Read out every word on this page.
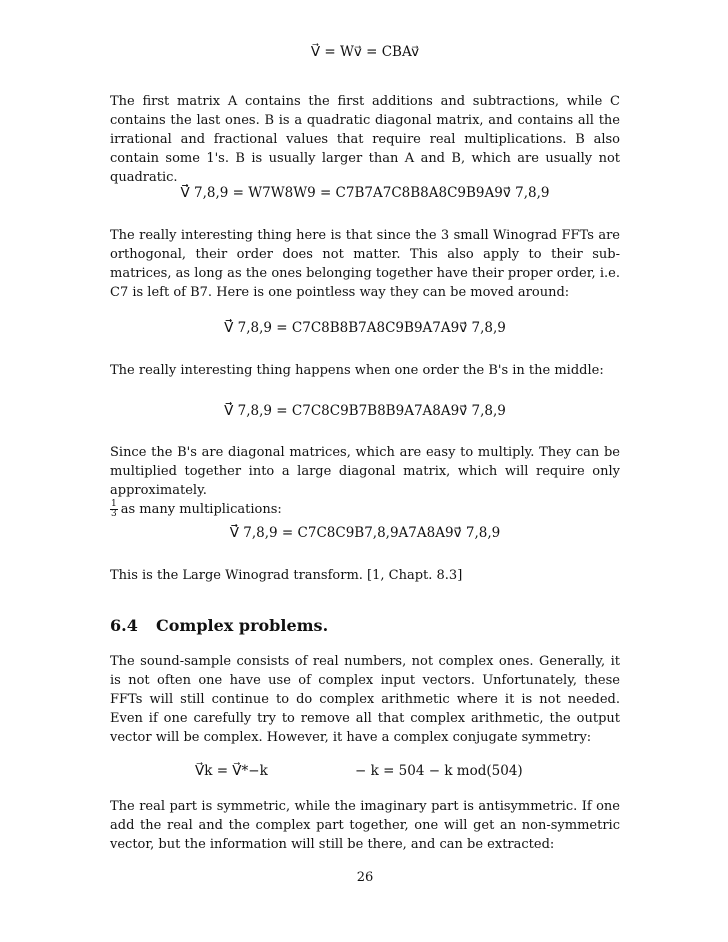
V⃗ = Wv⃗ = CBAv⃗
The first matrix A contains the first additions and subtractions, while C contains the last ones. B is a quadratic diagonal matrix, and contains all the irrational and fractional values that require real multiplications. B also contain some 1's. B is usually larger than A and B, which are usually not quadratic.
V⃗⃗⃗ 7,8,9 = W7W8W9 = C7B7A7C8B8A8C9B9A9v⃗⃗⃗ 7,8,9
The really interesting thing here is that since the 3 small Winograd FFTs are orthogonal, their order does not matter. This also apply to their sub-matrices, as long as the ones belonging together have their proper order, i.e. C7 is left of B7. Here is one pointless way they can be moved around:
V⃗⃗⃗ 7,8,9 = C7C8B8B7A8C9B9A7A9v⃗⃗⃗ 7,8,9
The really interesting thing happens when one order the B's in the middle:
V⃗⃗⃗ 7,8,9 = C7C8C9B7B8B9A7A8A9v⃗⃗⃗ 7,8,9
Since the B's are diagonal matrices, which are easy to multiply. They can be multiplied together into a large diagonal matrix, which will require only approximately.

$\frac{1}{3}$ as many multiplications:
V⃗⃗⃗ 7,8,9 = C7C8C9B7,8,9A7A8A9v⃗⃗⃗ 7,8,9
This is the Large Winograd transform. [1, Chapt. 8.3]
6.4 Complex problems.
The sound-sample consists of real numbers, not complex ones. Generally, it is not often one have use of complex input vectors. Unfortunately, these FFTs will still continue to do complex arithmetic where it is not needed. Even if one carefully try to remove all that complex arithmetic, the output vector will be complex. However, it have a complex conjugate symmetry:
V⃗k = V⃗*−k	− k = 504 − k mod(504)
The real part is symmetric, while the imaginary part is antisymmetric. If one add the real and the complex part together, one will get an non-symmetric vector, but the information will still be there, and can be extracted:
26
